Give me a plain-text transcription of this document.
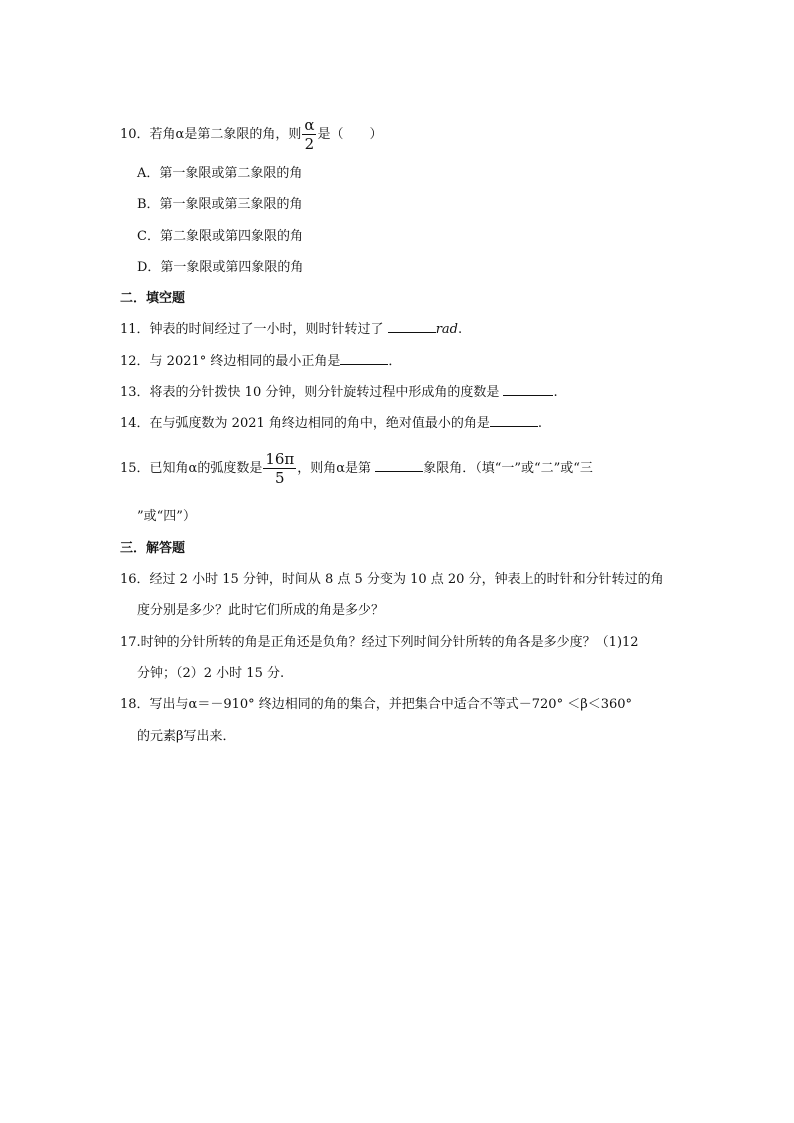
10．若角α是第二象限的角，则 $\frac{\alpha}{2}$ 是（　　）
A．第一象限或第二象限的角
B．第一象限或第三象限的角
C．第二象限或第四象限的角
D．第一象限或第四象限的角
二．填空题
11．钟表的时间经过了一小时，则时针转过了	rad.
12．与 2021° 终边相同的最小正角是	．
13．将表的分针拨快 10 分钟，则分针旋转过程中形成角的度数是	.
14．在与弧度数为 2021 角终边相同的角中，绝对值最小的角是	.
15．已知角α的弧度数是 $\frac{16\pi}{5}$ ，则角α是第	象限角．（填“一”或“二”或“三
”或“四”）
三．解答题
16．经过 2 小时 15 分钟，时间从 8 点 5 分变为 10 点 20 分，钟表上的时针和分针转过的角
度分别是多少？此时它们所成的角是多少？
17.时钟的分针所转的角是正角还是负角？经过下列时间分针所转的角各是多少度？（1)12
分钟；（2）2 小时 15 分.
18．写出与α＝－910° 终边相同的角的集合，并把集合中适合不等式－720° ＜β＜360°
的元素β写出来．
